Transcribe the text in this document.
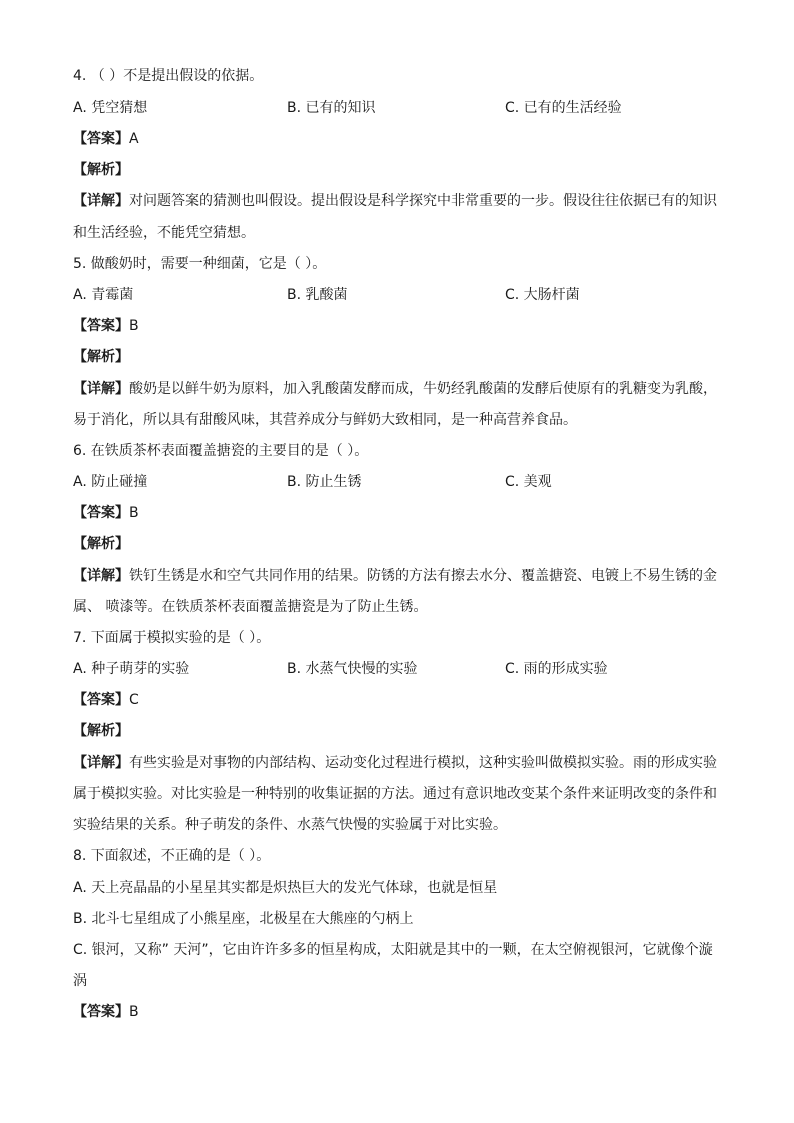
4. （ ）不是提出假设的依据。
A. 凭空猜想	B. 已有的知识	C. 已有的生活经验
【答案】A
【解析】
【详解】对问题答案的猜测也叫假设。提出假设是科学探究中非常重要的一步。假设往往依据已有的知识
和生活经验，不能凭空猜想。
5. 做酸奶时，需要一种细菌，它是（ ）。
A. 青霉菌	B. 乳酸菌	C. 大肠杆菌
【答案】B
【解析】
【详解】酸奶是以鲜牛奶为原料，加入乳酸菌发酵而成，牛奶经乳酸菌的发酵后使原有的乳糖变为乳酸，
易于消化，所以具有甜酸风味，其营养成分与鲜奶大致相同，是一种高营养食品。
6. 在铁质茶杯表面覆盖搪瓷的主要目的是（ ）。
A. 防止碰撞	B. 防止生锈	C. 美观
【答案】B
【解析】
【详解】铁钉生锈是水和空气共同作用的结果。防锈的方法有擦去水分、覆盖搪瓷、电镀上不易生锈的金
属、 喷漆等。在铁质茶杯表面覆盖搪瓷是为了防止生锈。
7. 下面属于模拟实验的是（ ）。
A. 种子萌芽的实验	B. 水蒸气快慢的实验	C. 雨的形成实验
【答案】C
【解析】
【详解】有些实验是对事物的内部结构、运动变化过程进行模拟，这种实验叫做模拟实验。雨的形成实验
属于模拟实验。对比实验是一种特别的收集证据的方法。通过有意识地改变某个条件来证明改变的条件和
实验结果的关系。种子萌发的条件、水蒸气快慢的实验属于对比实验。
8. 下面叙述，不正确的是（ ）。
A. 天上亮晶晶的小星星其实都是炽热巨大的发光气体球，也就是恒星
B. 北斗七星组成了小熊星座，北极星在大熊座的勺柄上
C. 银河，又称” 天河”，它由许许多多的恒星构成，太阳就是其中的一颗，在太空俯视银河，它就像个漩
涡
【答案】B
